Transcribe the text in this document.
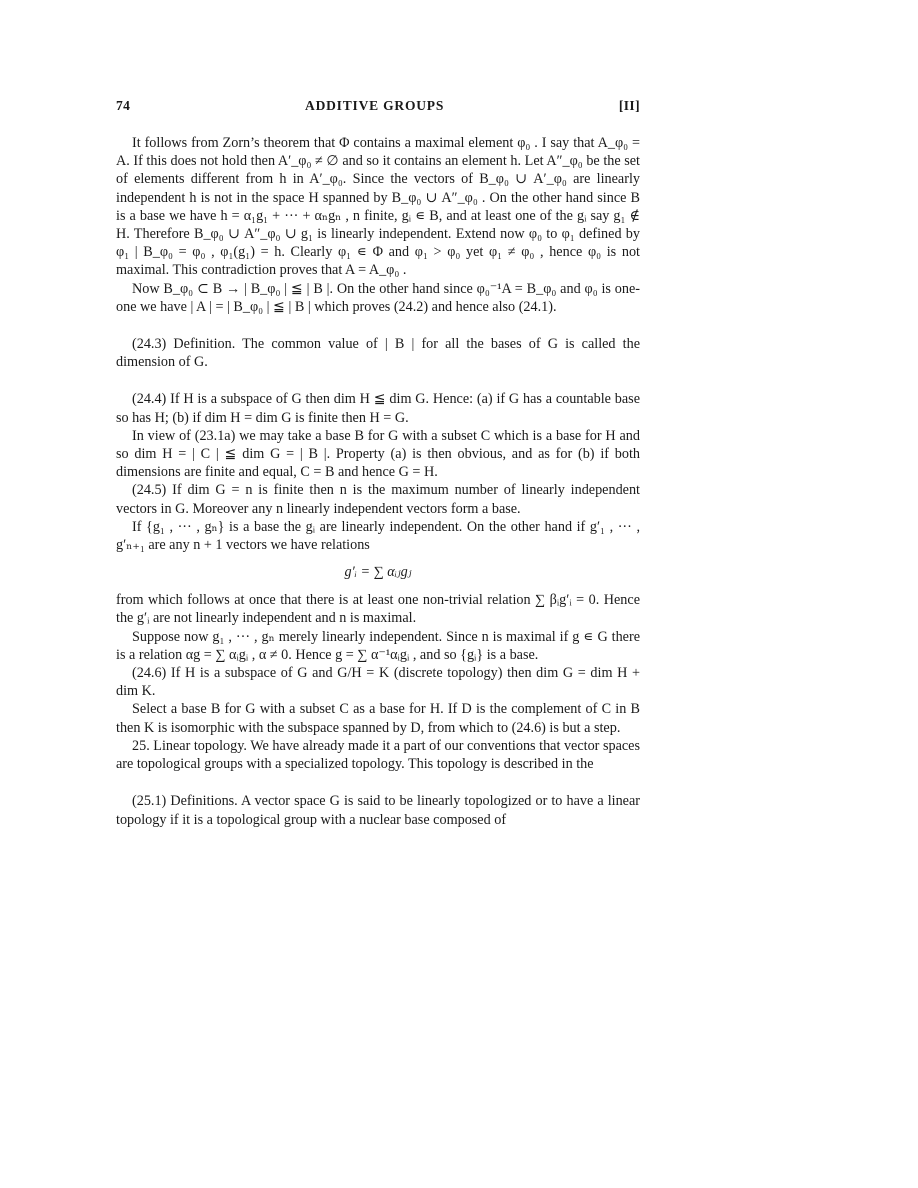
74	ADDITIVE GROUPS	[II]

It follows from Zorn’s theorem that Φ contains a maximal element φ₀ . I say that A_φ₀ = A. If this does not hold then A′_φ₀ ≠ ∅ and so it contains an element h. Let A″_φ₀ be the set of elements different from h in A′_φ₀. Since the vectors of B_φ₀ ∪ A′_φ₀ are linearly independent h is not in the space H spanned by B_φ₀ ∪ A″_φ₀ . On the other hand since B is a base we have h = α₁g₁ + ··· + αₙgₙ , n finite, gᵢ ∊ B, and at least one of the gᵢ say g₁ ∉ H. Therefore B_φ₀ ∪ A″_φ₀ ∪ g₁ is linearly independent. Extend now φ₀ to φ₁ defined by φ₁ | B_φ₀ = φ₀ , φ₁(g₁) = h. Clearly φ₁ ∊ Φ and φ₁ > φ₀ yet φ₁ ≠ φ₀ , hence φ₀ is not maximal. This contradiction proves that A = A_φ₀ .

Now B_φ₀ ⊂ B → | B_φ₀ | ≦ | B |. On the other hand since φ₀⁻¹A = B_φ₀ and φ₀ is one-one we have | A | = | B_φ₀ | ≦ | B | which proves (24.2) and hence also (24.1).

(24.3) Definition. The common value of | B | for all the bases of G is called the dimension of G.

(24.4) If H is a subspace of G then dim H ≦ dim G. Hence: (a) if G has a countable base so has H; (b) if dim H = dim G is finite then H = G.

In view of (23.1a) we may take a base B for G with a subset C which is a base for H and so dim H = | C | ≦ dim G = | B |. Property (a) is then obvious, and as for (b) if both dimensions are finite and equal, C = B and hence G = H.

(24.5) If dim G = n is finite then n is the maximum number of linearly independent vectors in G. Moreover any n linearly independent vectors form a base.

If {g₁ , ··· , gₙ} is a base the gᵢ are linearly independent. On the other hand if g′₁ , ··· , g′ₙ₊₁ are any n + 1 vectors we have relations

g′ᵢ = ∑ αᵢⱼgⱼ

from which follows at once that there is at least one non-trivial relation ∑ βᵢg′ᵢ = 0. Hence the g′ᵢ are not linearly independent and n is maximal.

Suppose now g₁ , ··· , gₙ merely linearly independent. Since n is maximal if g ∊ G there is a relation αg = ∑ αᵢgᵢ , α ≠ 0. Hence g = ∑ α⁻¹αᵢgᵢ , and so {gᵢ} is a base.

(24.6) If H is a subspace of G and G/H = K (discrete topology) then dim G = dim H + dim K.

Select a base B for G with a subset C as a base for H. If D is the complement of C in B then K is isomorphic with the subspace spanned by D, from which to (24.6) is but a step.

25. Linear topology. We have already made it a part of our conventions that vector spaces are topological groups with a specialized topology. This topology is described in the

(25.1) Definitions. A vector space G is said to be linearly topologized or to have a linear topology if it is a topological group with a nuclear base composed of
